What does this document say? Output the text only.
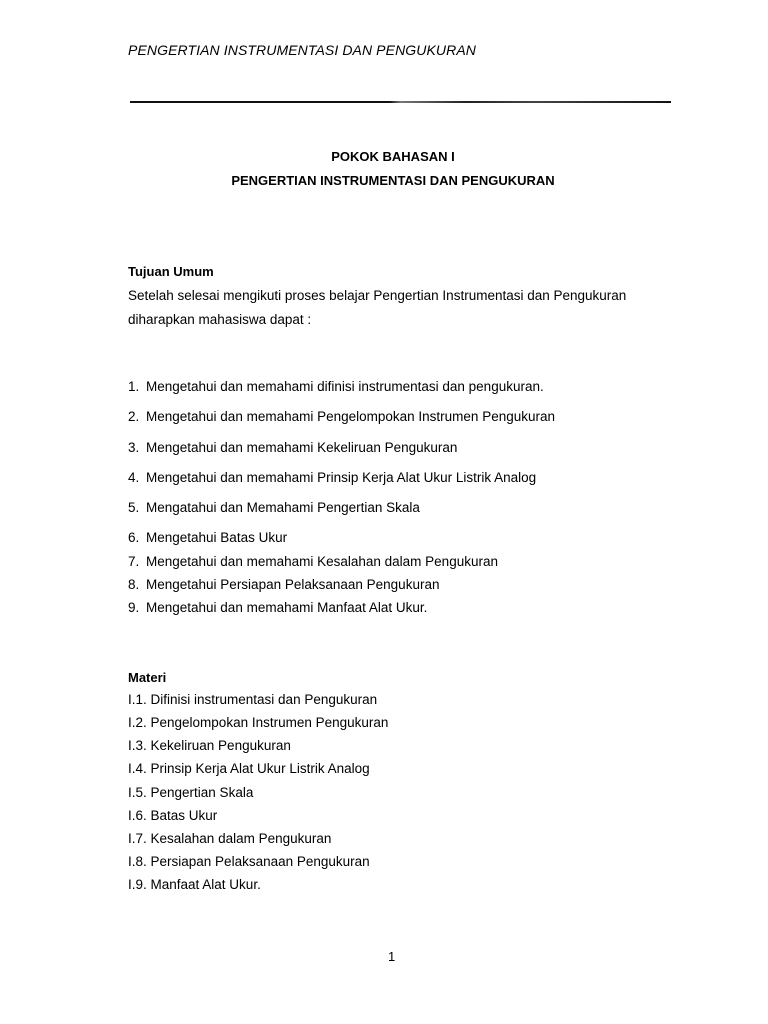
PENGERTIAN INSTRUMENTASI DAN PENGUKURAN
POKOK BAHASAN I
PENGERTIAN INSTRUMENTASI DAN PENGUKURAN
Tujuan Umum
Setelah selesai mengikuti proses belajar Pengertian Instrumentasi dan Pengukuran
diharapkan mahasiswa dapat :
1. Mengetahui dan memahami difinisi instrumentasi dan pengukuran.
2. Mengetahui dan memahami Pengelompokan Instrumen Pengukuran
3. Mengetahui dan memahami Kekeliruan Pengukuran
4. Mengetahui dan memahami Prinsip Kerja Alat Ukur Listrik Analog
5. Mengatahui dan Memahami Pengertian Skala
6. Mengetahui Batas Ukur
7. Mengetahui dan memahami Kesalahan dalam Pengukuran
8. Mengetahui Persiapan Pelaksanaan Pengukuran
9. Mengetahui dan memahami Manfaat Alat Ukur.
Materi
I.1. Difinisi instrumentasi dan Pengukuran
I.2. Pengelompokan Instrumen Pengukuran
I.3. Kekeliruan Pengukuran
I.4. Prinsip Kerja Alat Ukur Listrik Analog
I.5. Pengertian Skala
I.6. Batas Ukur
I.7. Kesalahan dalam Pengukuran
I.8. Persiapan Pelaksanaan Pengukuran
I.9. Manfaat Alat Ukur.
1
